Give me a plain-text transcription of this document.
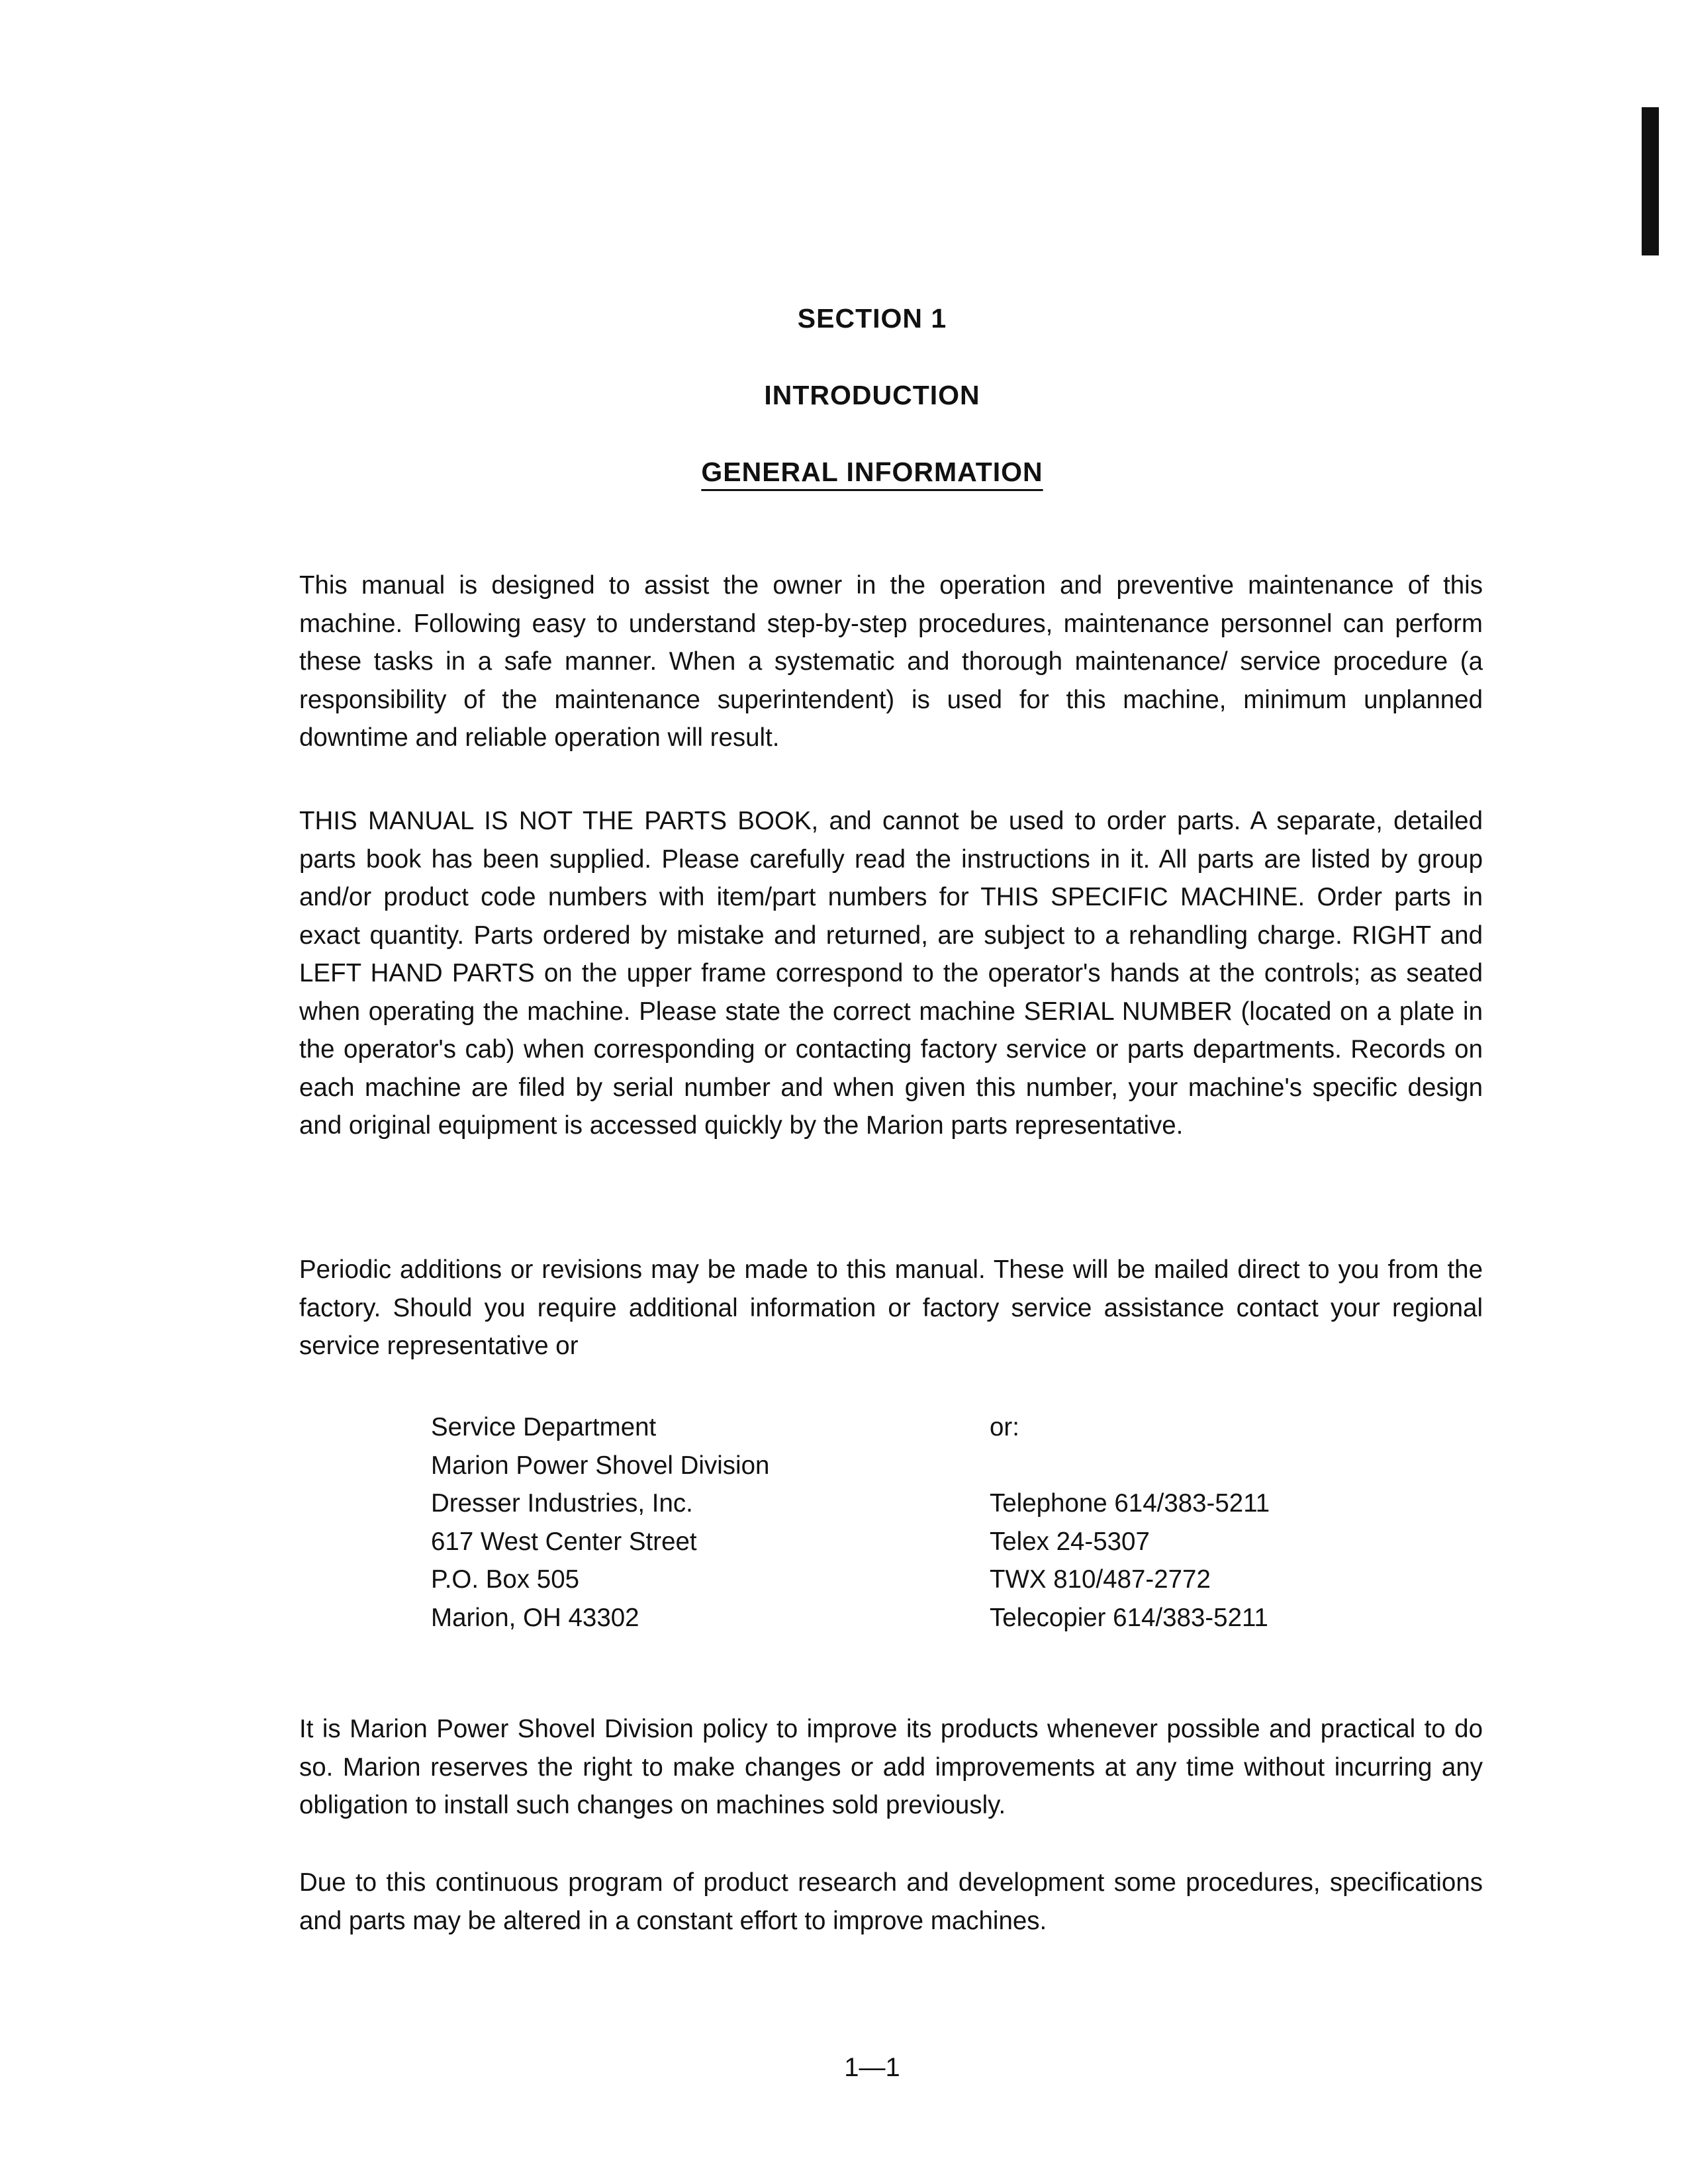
SECTION 1
INTRODUCTION
GENERAL INFORMATION

This manual is designed to assist the owner in the operation and preventive maintenance of this machine. Following easy to understand step-by-step procedures, maintenance personnel can perform these tasks in a safe manner. When a systematic and thorough maintenance/ service procedure (a responsibility of the maintenance superintendent) is used for this machine, minimum unplanned downtime and reliable operation will result.

THIS MANUAL IS NOT THE PARTS BOOK, and cannot be used to order parts. A separate, detailed parts book has been supplied. Please carefully read the instructions in it. All parts are listed by group and/or product code numbers with item/part numbers for THIS SPECIFIC MACHINE. Order parts in exact quantity. Parts ordered by mistake and returned, are subject to a rehandling charge. RIGHT and LEFT HAND PARTS on the upper frame correspond to the operator's hands at the controls; as seated when operating the machine. Please state the correct machine SERIAL NUMBER (located on a plate in the operator's cab) when corresponding or contacting factory service or parts departments. Records on each machine are filed by serial number and when given this number, your machine's specific design and original equipment is accessed quickly by the Marion parts representative.

Periodic additions or revisions may be made to this manual. These will be mailed direct to you from the factory. Should you require additional information or factory service assistance contact your regional service representative or

Service Department
Marion Power Shovel Division
Dresser Industries, Inc.
617 West Center Street
P.O. Box 505
Marion, OH 43302
or:
Telephone 614/383-5211
Telex 24-5307
TWX 810/487-2772
Telecopier 614/383-5211

It is Marion Power Shovel Division policy to improve its products whenever possible and practical to do so. Marion reserves the right to make changes or add improvements at any time without incurring any obligation to install such changes on machines sold previously.

Due to this continuous program of product research and development some procedures, specifications and parts may be altered in a constant effort to improve machines.

1—1
